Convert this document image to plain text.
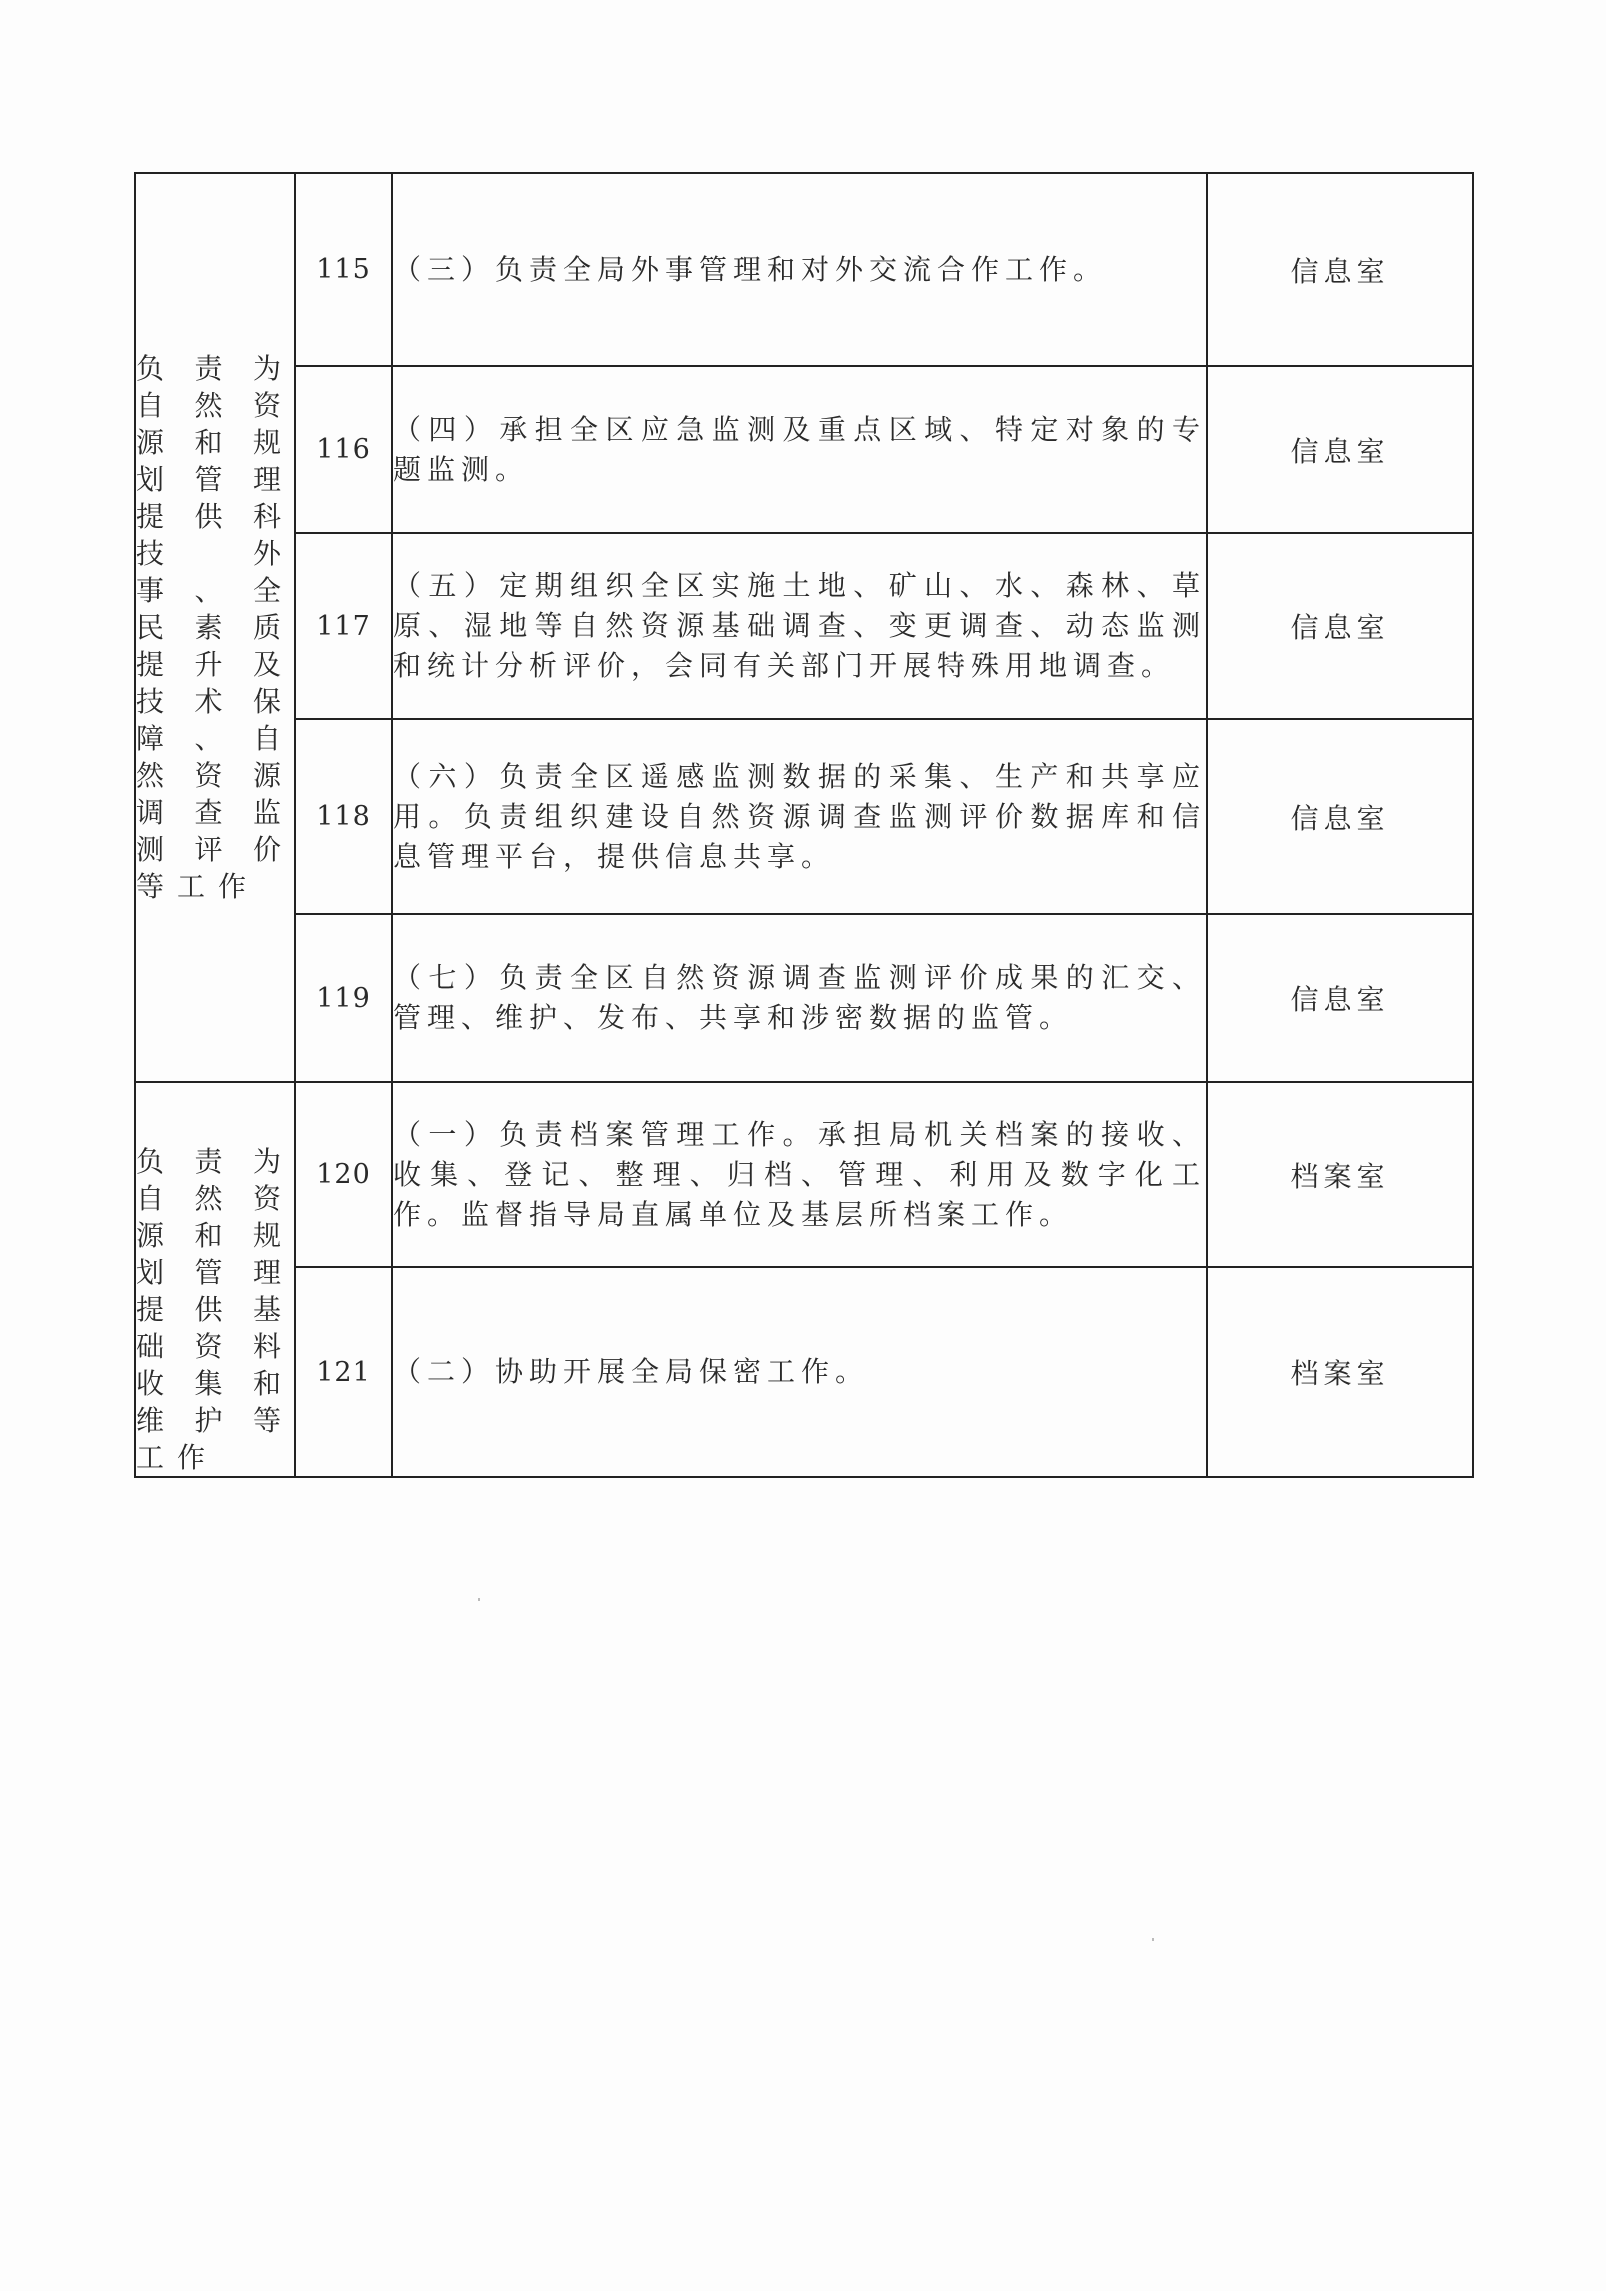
负责为自然资源和规划管理提供科技外事、全民素质提升及技术保障、自然资源调查监测评价等工作	115	（三）负责全局外事管理和对外交流合作工作。	信息室
	116	（四）承担全区应急监测及重点区域、特定对象的专题监测。	信息室
	117	（五）定期组织全区实施土地、矿山、水、森林、草原、湿地等自然资源基础调查、变更调查、动态监测和统计分析评价，会同有关部门开展特殊用地调查。	信息室
	118	（六）负责全区遥感监测数据的采集、生产和共享应用。负责组织建设自然资源调查监测评价数据库和信息管理平台，提供信息共享。	信息室
	119	（七）负责全区自然资源调查监测评价成果的汇交、管理、维护、发布、共享和涉密数据的监管。	信息室
负责为自然资源和规划管理提供基础资料收集和维护等工作	120	（一）负责档案管理工作。承担局机关档案的接收、收集、登记、整理、归档、管理、利用及数字化工作。监督指导局直属单位及基层所档案工作。	档案室
	121	（二）协助开展全局保密工作。	档案室
